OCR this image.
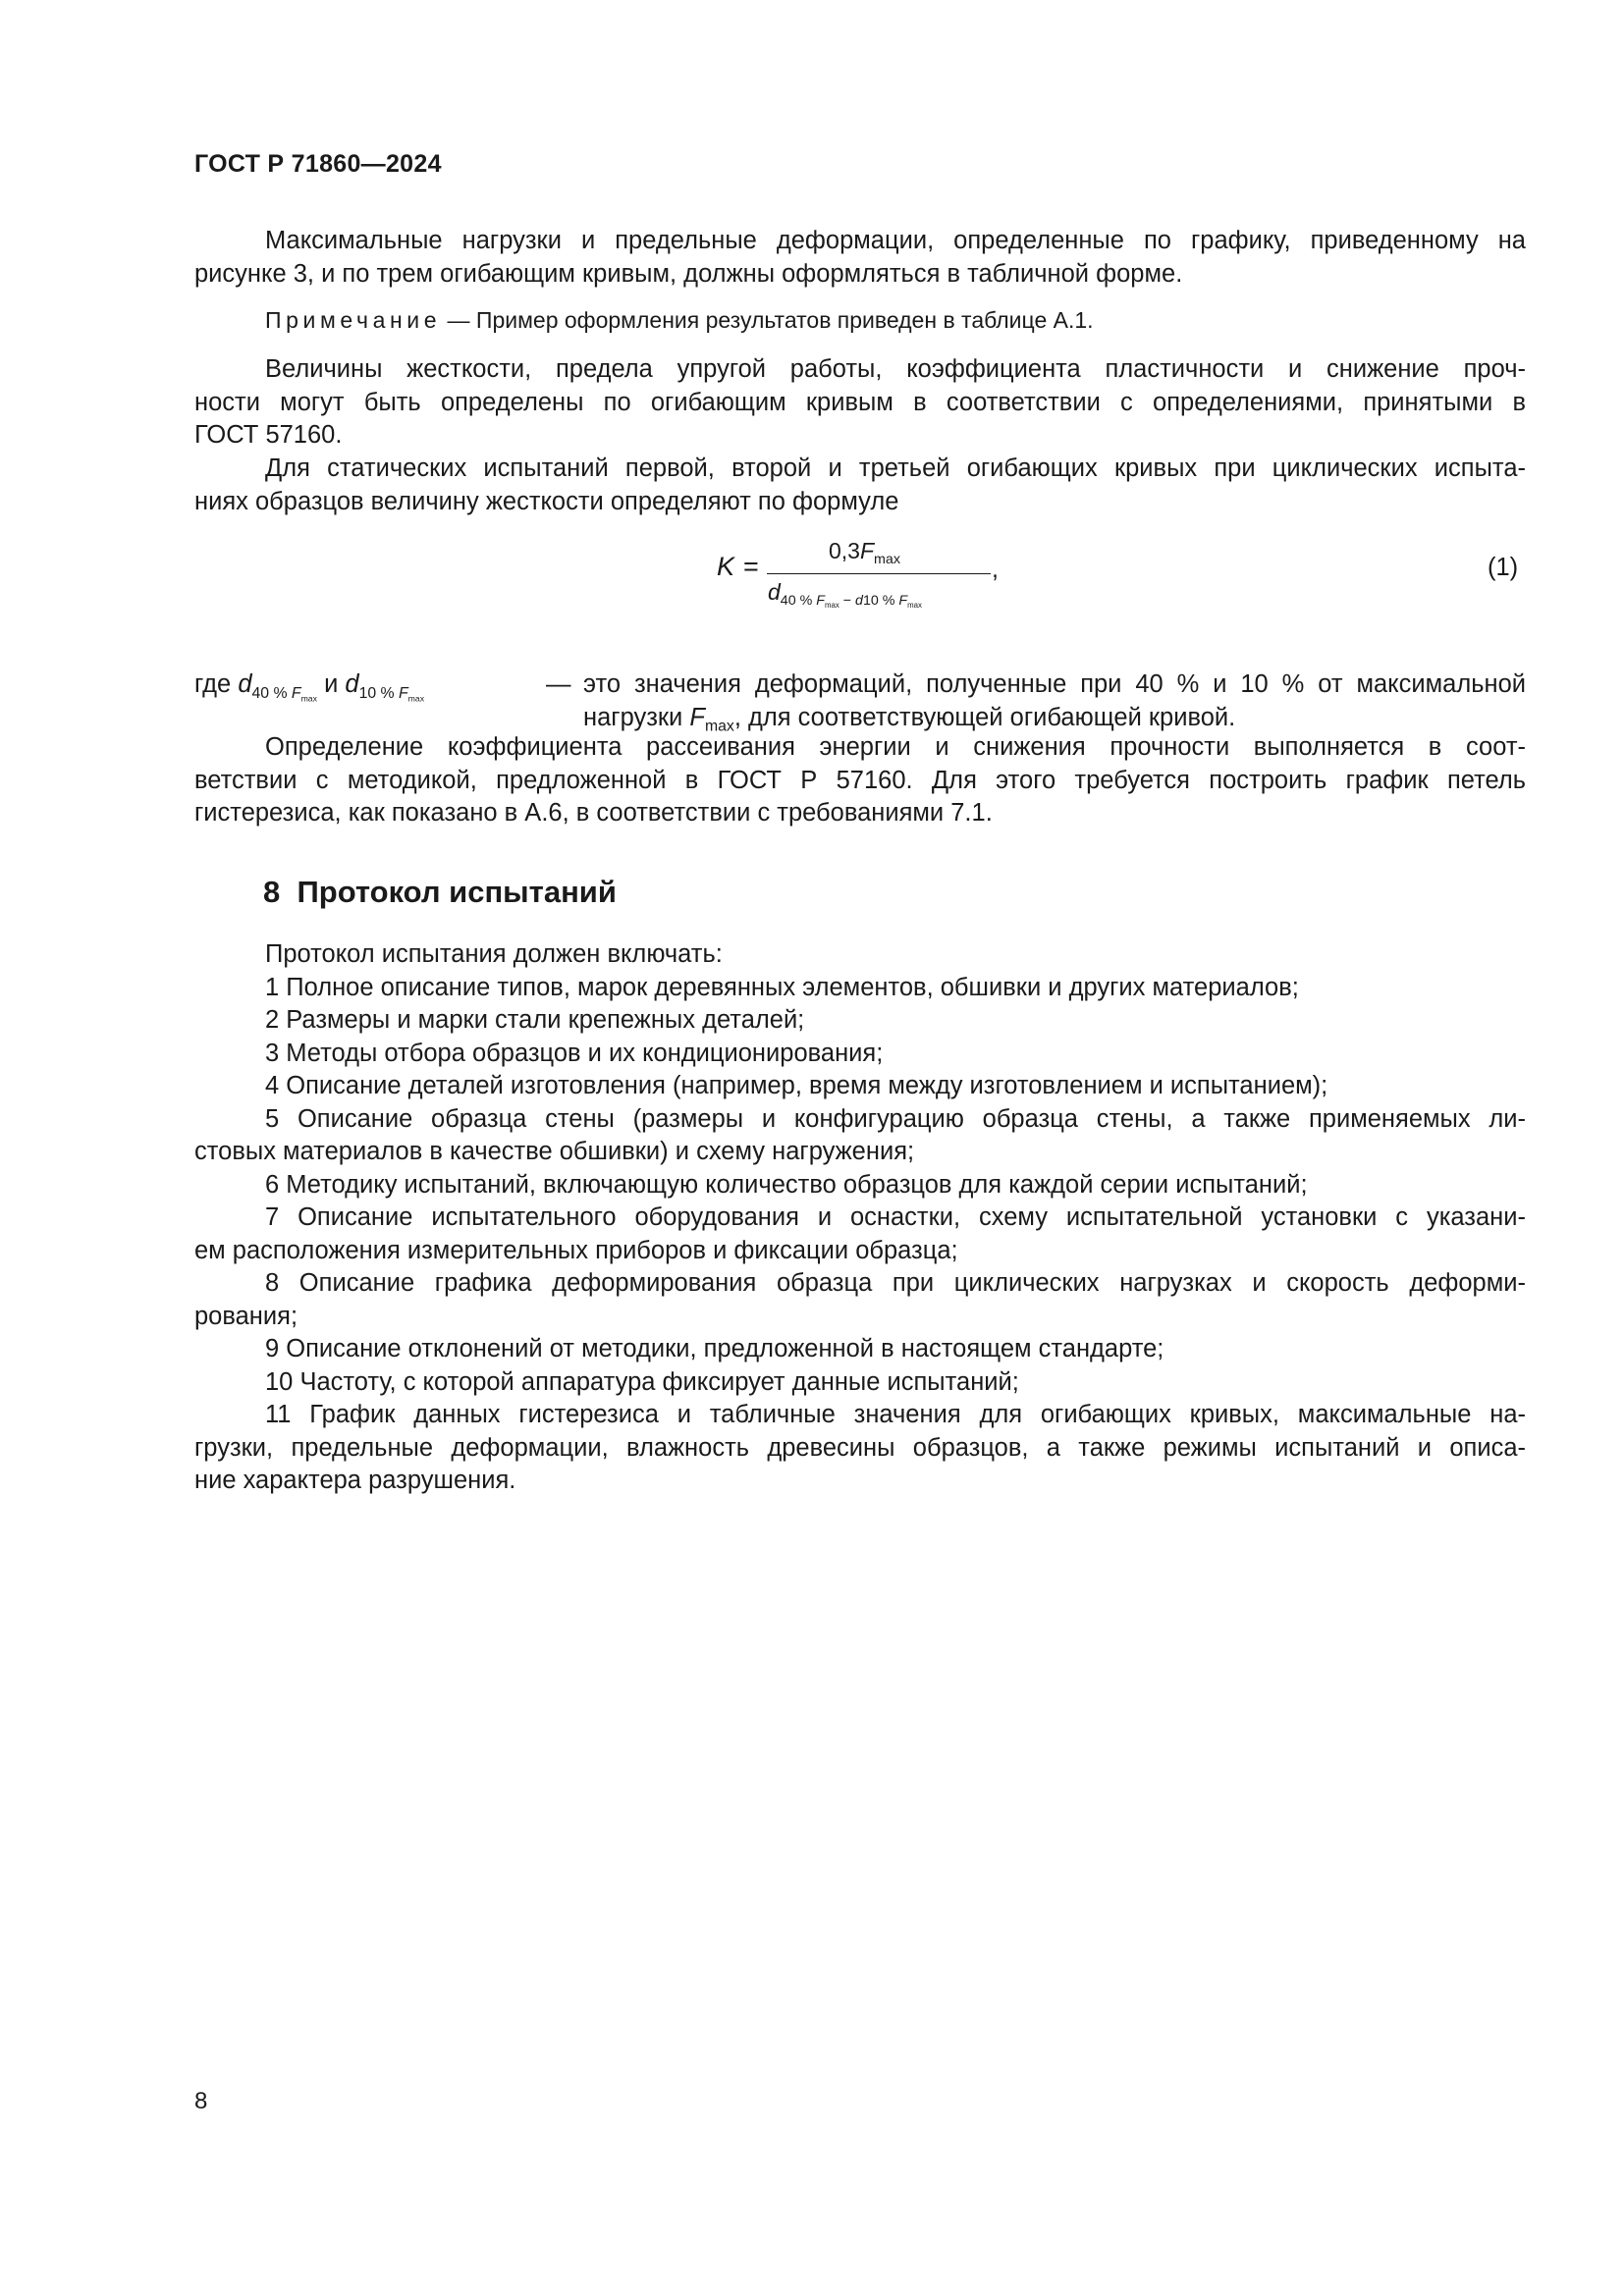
ГОСТ Р 71860—2024
Максимальные нагрузки и предельные деформации, определенные по графику, приведенному на
рисунке 3, и по трем огибающим кривым, должны оформляться в табличной форме.
Примечание — Пример оформления результатов приведен в таблице А.1.
Величины жесткости, предела упругой работы, коэффициента пластичности и снижение проч-
ности могут быть определены по огибающим кривым в соответствии с определениями, принятыми в
ГОСТ 57160.
Для статических испытаний первой, второй и третьей огибающих кривых при циклических испыта-
ниях образцов величину жесткости определяют по формуле
K =
$0,3F_{max}$
$d_{40 \% F_{max} - d10 \% F_{max}}$
,	(1)
где $d_{40 \% F_{max}}$ и $d_{10 \% F_{max}}$	— это значения деформаций, полученные при 40 % и 10 % от максимальной
нагрузки $F_{max}$, для соответствующей огибающей кривой.
Определение коэффициента рассеивания энергии и снижения прочности выполняется в соот-
ветствии с методикой, предложенной в ГОСТ Р 57160. Для этого требуется построить график петель
гистерезиса, как показано в А.6, в соответствии с требованиями 7.1.
8 Протокол испытаний
Протокол испытания должен включать:
1 Полное описание типов, марок деревянных элементов, обшивки и других материалов;
2 Размеры и марки стали крепежных деталей;
3 Методы отбора образцов и их кондиционирования;
4 Описание деталей изготовления (например, время между изготовлением и испытанием);
5 Описание образца стены (размеры и конфигурацию образца стены, а также применяемых ли-
стовых материалов в качестве обшивки) и схему нагружения;
6 Методику испытаний, включающую количество образцов для каждой серии испытаний;
7 Описание испытательного оборудования и оснастки, схему испытательной установки с указани-
ем расположения измерительных приборов и фиксации образца;
8 Описание графика деформирования образца при циклических нагрузках и скорость деформи-
рования;
9 Описание отклонений от методики, предложенной в настоящем стандарте;
10 Частоту, с которой аппаратура фиксирует данные испытаний;
11 График данных гистерезиса и табличные значения для огибающих кривых, максимальные на-
грузки, предельные деформации, влажность древесины образцов, а также режимы испытаний и описа-
ние характера разрушения.
8
